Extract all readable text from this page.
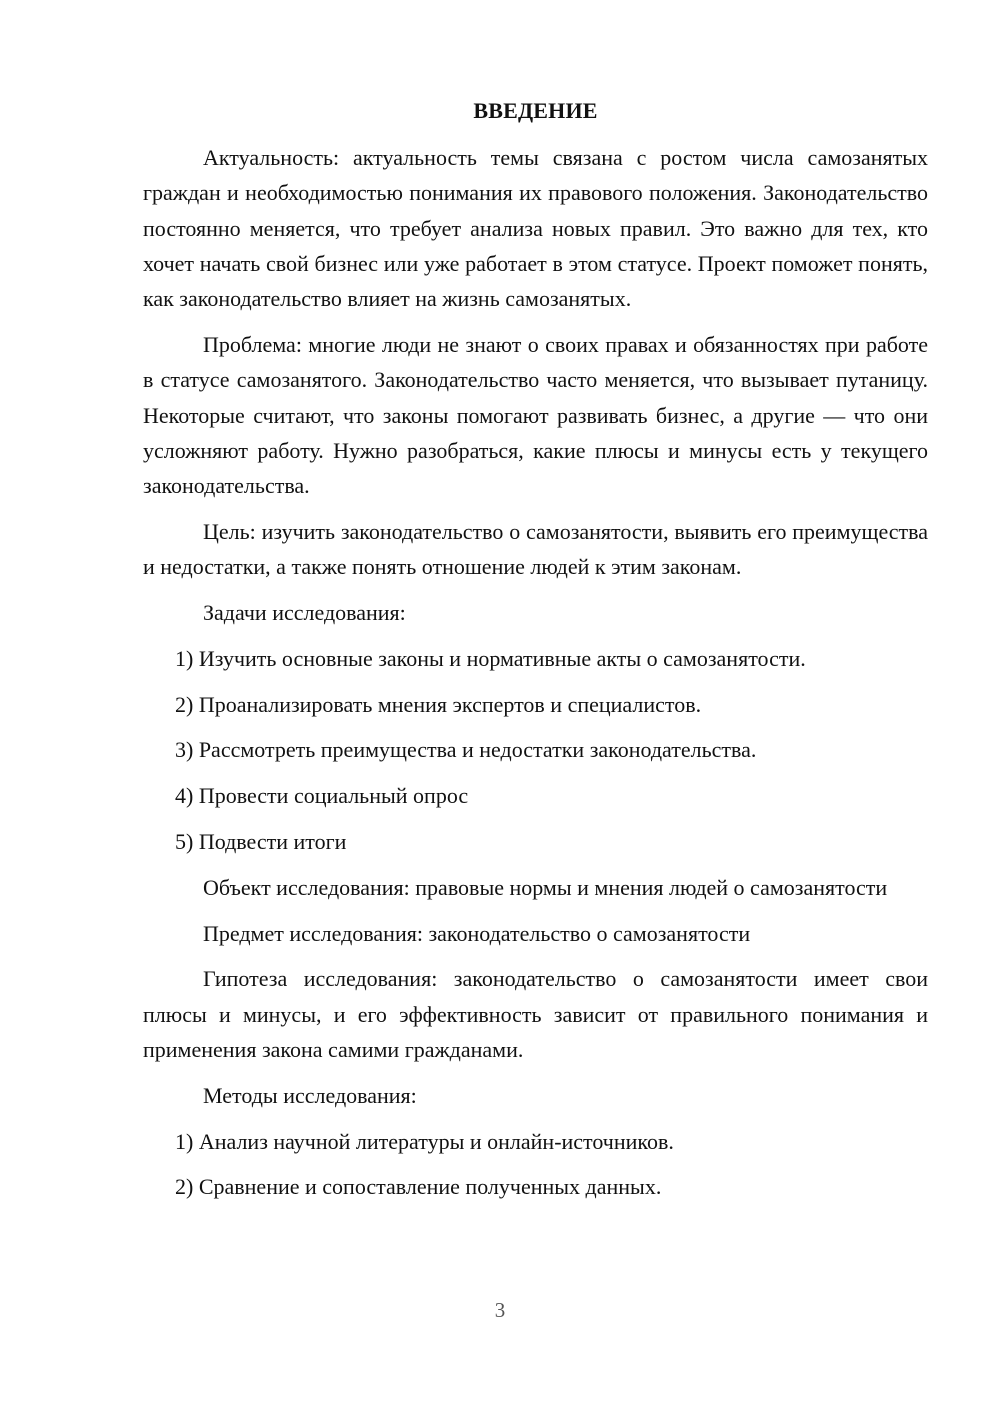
ВВЕДЕНИЕ

Актуальность: актуальность темы связана с ростом числа самозанятых граждан и необходимостью понимания их правового положения. Законодательство постоянно меняется, что требует анализа новых правил. Это важно для тех, кто хочет начать свой бизнес или уже работает в этом статусе. Проект поможет понять, как законодательство влияет на жизнь самозанятых.

Проблема: многие люди не знают о своих правах и обязанностях при работе в статусе самозанятого. Законодательство часто меняется, что вызывает путаницу. Некоторые считают, что законы помогают развивать бизнес, а другие — что они усложняют работу. Нужно разобраться, какие плюсы и минусы есть у текущего законодательства.

Цель: изучить законодательство о самозанятости, выявить его преимущества и недостатки, а также понять отношение людей к этим законам.

Задачи исследования:

1) Изучить основные законы и нормативные акты о самозанятости.
2) Проанализировать мнения экспертов и специалистов.
3) Рассмотреть преимущества и недостатки законодательства.
4) Провести социальный опрос
5) Подвести итоги

Объект исследования: правовые нормы и мнения людей о самозанятости

Предмет исследования: законодательство о самозанятости

Гипотеза исследования: законодательство о самозанятости имеет свои плюсы и минусы, и его эффективность зависит от правильного понимания и применения закона самими гражданами.

Методы исследования:

1) Анализ научной литературы и онлайн-источников.
2) Сравнение и сопоставление полученных данных.
3
